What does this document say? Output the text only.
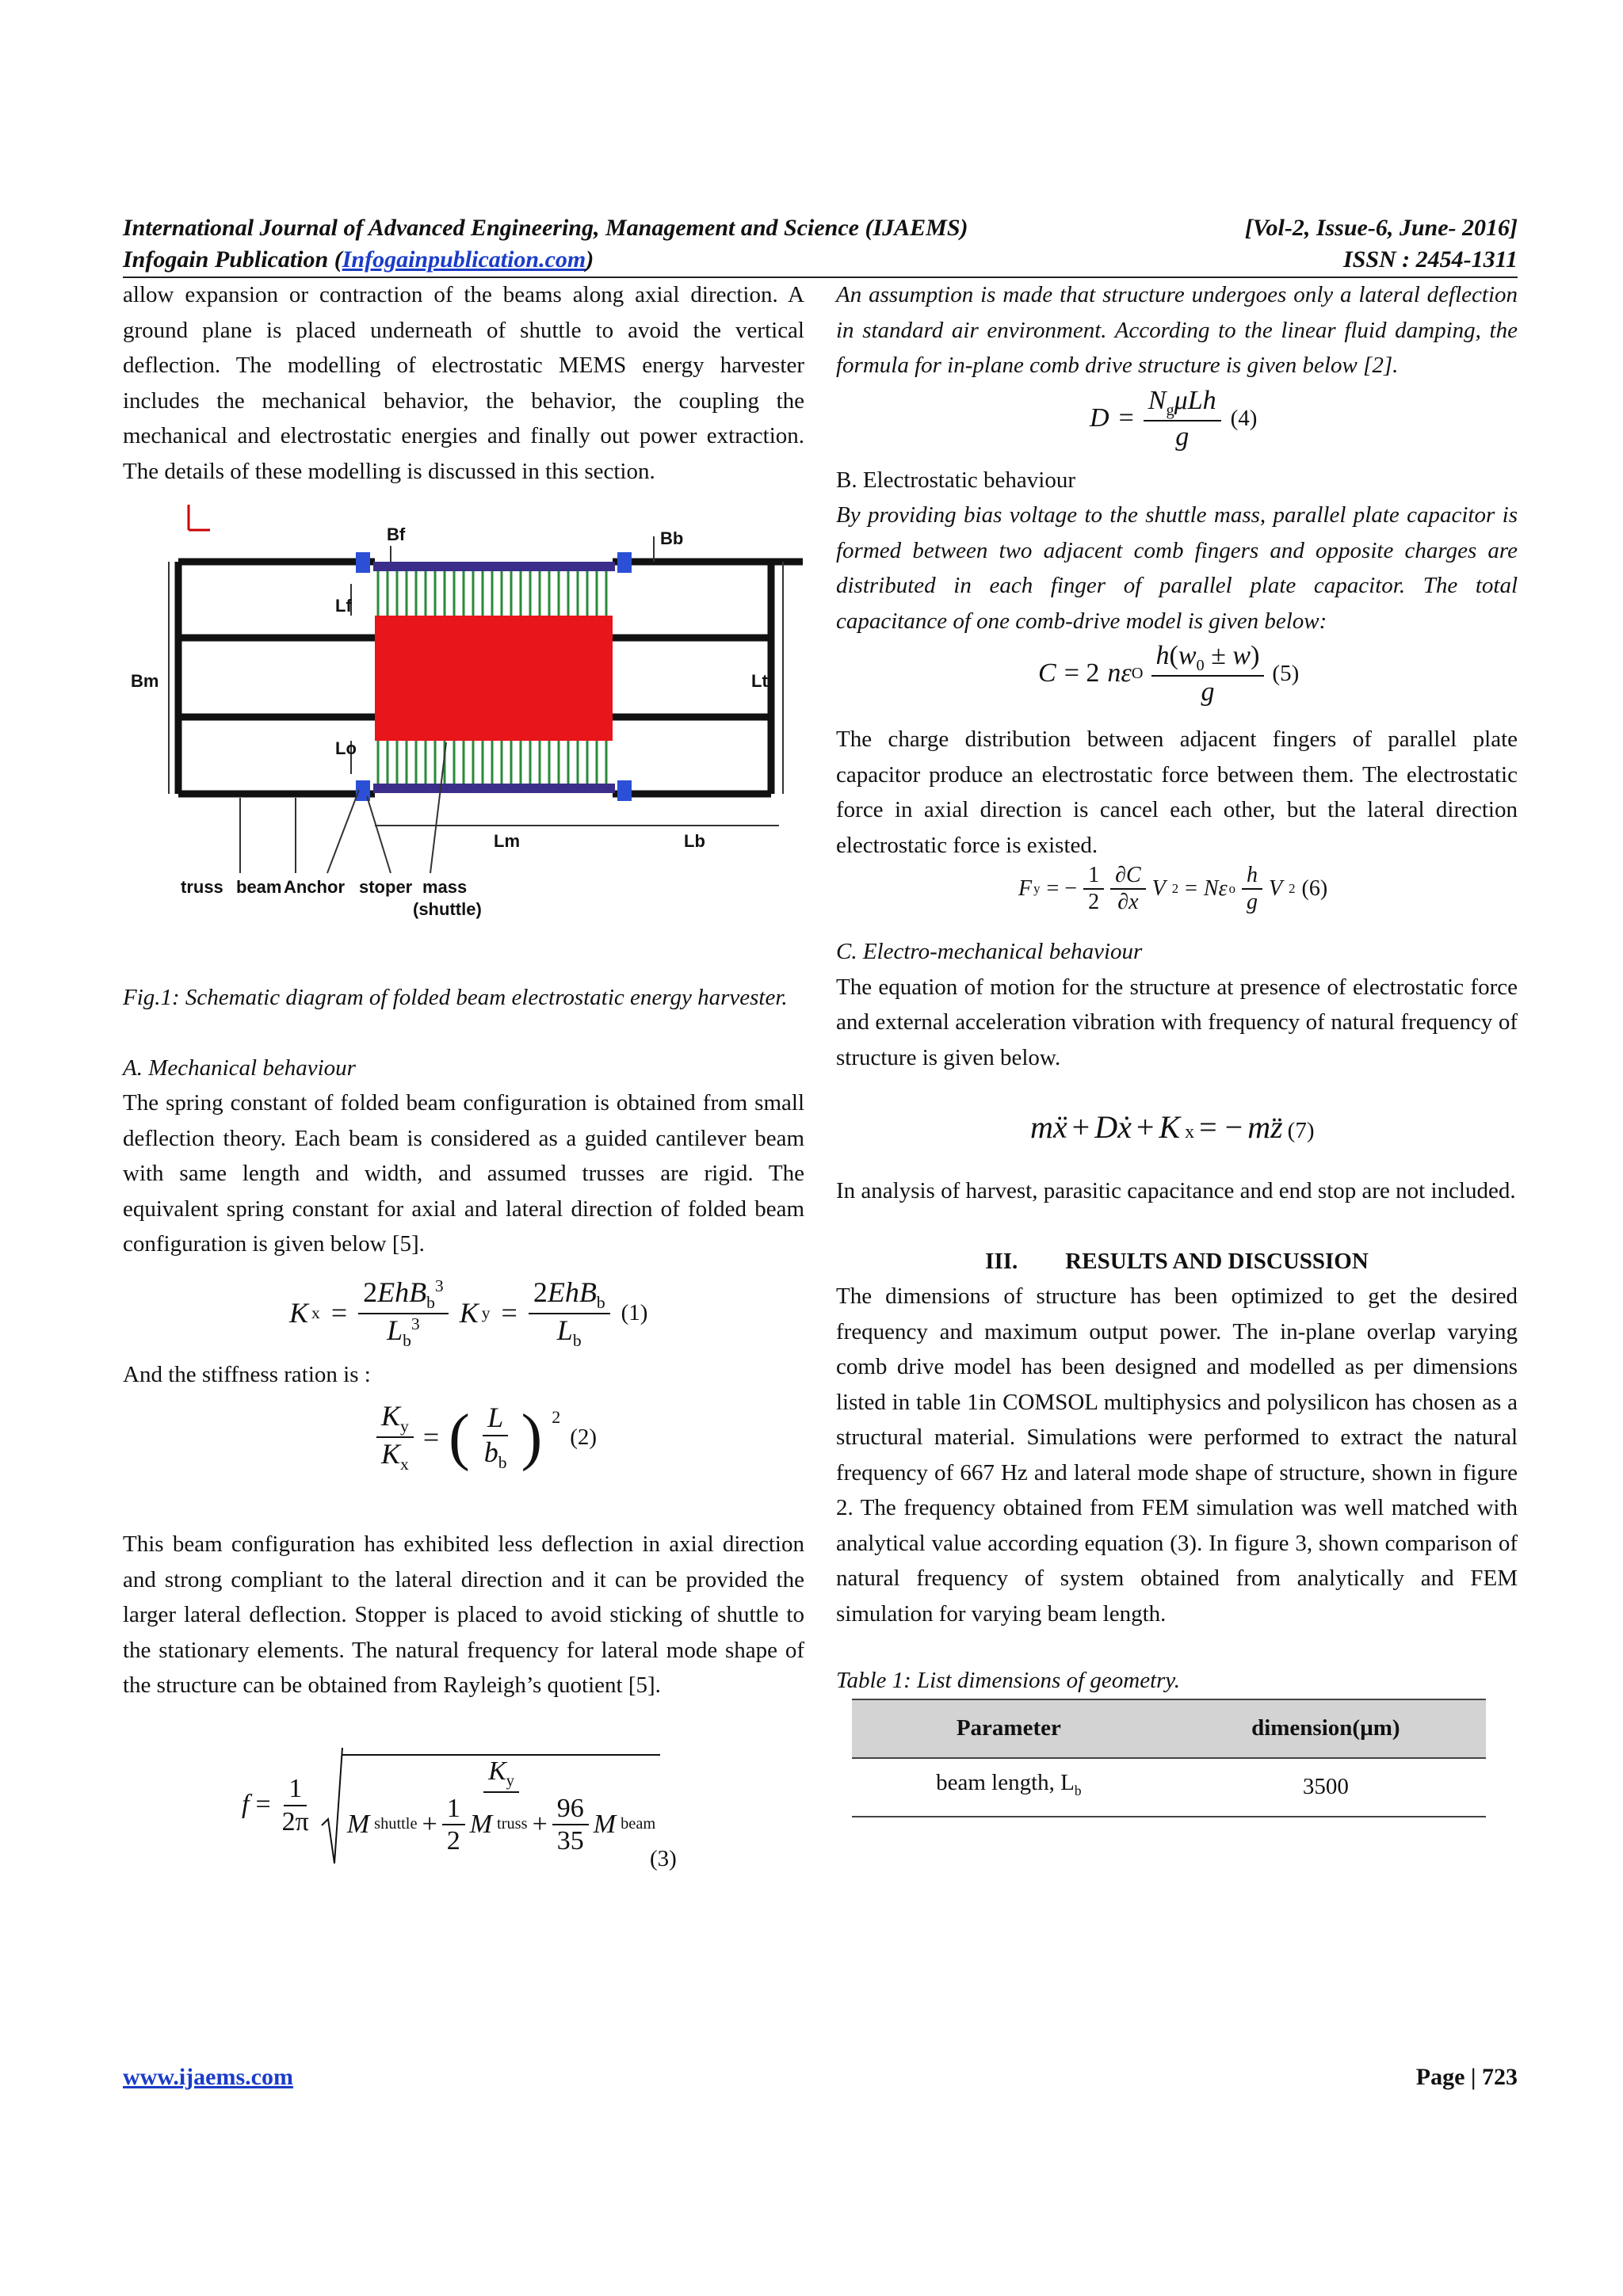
International Journal of Advanced Engineering, Management and Science (IJAEMS)	[Vol-2, Issue-6, June- 2016]
Infogain Publication (Infogainpublication.com)	ISSN : 2454-1311

allow expansion or contraction of the beams along axial direction. A ground plane is placed underneath of shuttle to avoid the vertical deflection. The modelling of electrostatic MEMS energy harvester includes the mechanical behavior, the behavior, the coupling the mechanical and electrostatic energies and finally out power extraction. The details of these modelling is discussed in this section.

Bf	Bb
Lf
Bm	Lt
Lo
Lm	Lb
truss beam Anchor stoper mass
(shuttle)

Fig.1: Schematic diagram of folded beam electrostatic energy harvester.

A. Mechanical behaviour

The spring constant of folded beam configuration is obtained from small deflection theory. Each beam is considered as a guided cantilever beam with same length and width, and assumed trusses are rigid. The equivalent spring constant for axial and lateral direction of folded beam configuration is given below [5].

K $x = \frac{2EhB_b^3}{L_b^3}$ K $y = \frac{2EhB_b}{L_b} (1)$

And the stiffness ration is :

$\frac{K_y}{K_x}$ = ( $\frac{L}{b_b}$ ) $^2$
(2)

This beam configuration has exhibited less deflection in axial direction and strong compliant to the lateral direction and it can be provided the larger lateral deflection. Stopper is placed to avoid sticking of shuttle to the stationary elements. The natural frequency for lateral mode shape of the structure can be obtained from Rayleigh’s quotient [5].

$f = \frac{1}{2\pi} \frac{K_y}{M shuttle + \frac{1}{2} M truss + \frac{96}{35} M beam}$
(3)

An assumption is made that structure undergoes only a lateral deflection in standard air environment. According to the linear fluid damping, the formula for in-plane comb drive structure is given below [2].

$D = \frac{N_g\mu Lh}{g} (4)$

B. Electrostatic behaviour

By providing bias voltage to the shuttle mass, parallel plate capacitor is formed between two adjacent comb fingers and opposite charges are distributed in each finger of parallel plate capacitor. The total capacitance of one comb-drive model is given below:

C = 2 nε O $\frac{h(w_0 \pm w)}{g} (5)$

The charge distribution between adjacent fingers of parallel plate capacitor produce an electrostatic force between them. The electrostatic force in axial direction is cancel each other, but the lateral direction electrostatic force is existed.

F y = − $\frac{1}{2} \frac{\partial C}{\partial x}$ V 2 = Nε o $\frac{h}{g}$ V 2 (6)

C. Electro-mechanical behaviour

The equation of motion for the structure at presence of electrostatic force and external acceleration vibration with frequency of natural frequency of structure is given below.

mẍ + Dẋ + K x = − mz̈ (7)

In analysis of harvest, parasitic capacitance and end stop are not included.

III. RESULTS AND DISCUSSION

The dimensions of structure has been optimized to get the desired frequency and maximum output power. The in-plane overlap varying comb drive model has been designed and modelled as per dimensions listed in table 1in COMSOL multiphysics and polysilicon has chosen as a structural material. Simulations were performed to extract the natural frequency of 667 Hz and lateral mode shape of structure, shown in figure 2. The frequency obtained from FEM simulation was well matched with analytical value according equation (3). In figure 3, shown comparison of natural frequency of system obtained from analytically and FEM simulation for varying beam length.

Table 1: List dimensions of geometry.

Parameter	dimension(µm)
beam length, $L_b$	3500
www.ijaems.com	Page | 723
